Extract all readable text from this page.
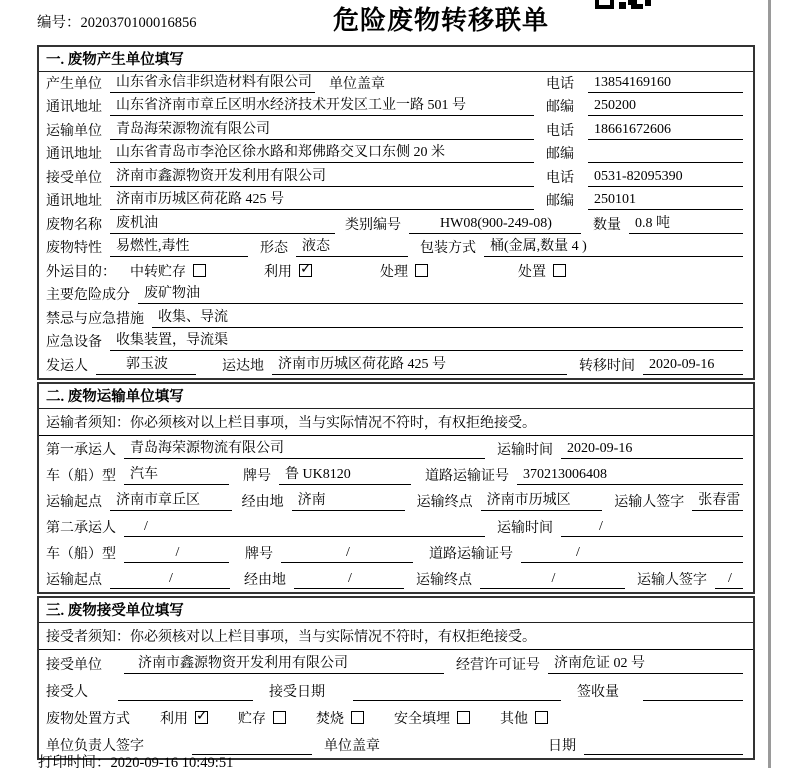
编号：2020370100016856	危险废物转移联单
一. 废物产生单位填写
产生单位	山东省永信非织造材料有限公司 单位盖章	电话	13854169160
通讯地址	山东省济南市章丘区明水经济技术开发区工业一路 501 号	邮编	250200
运输单位	青岛海荣源物流有限公司	电话	18661672606
通讯地址	山东省青岛市李沧区徐水路和郑佛路交叉口东侧 20 米	邮编
接受单位	济南市鑫源物资开发利用有限公司	电话	0531-82095390
通讯地址	济南市历城区荷花路 425 号	邮编	250101
废物名称	废机油	类别编号	HW08(900-249-08)	数量	0.8 吨
废物特性	易燃性,毒性	形态	液态	包装方式	桶(金属,数量 4 )
外运目的： 中转贮存	利用 ✓	处理	处置
主要危险成分	废矿物油
禁忌与应急措施	收集、导流
应急设备	收集装置，导流渠
发运人	郭玉波	运达地	济南市历城区荷花路 425 号	转移时间	2020-09-16
二. 废物运输单位填写
运输者须知：你必须核对以上栏目事项，当与实际情况不符时，有权拒绝接受。
第一承运人	青岛海荣源物流有限公司	运输时间	2020-09-16
车（船）型	汽车	牌号	鲁 UK8120	道路运输证号	370213006408
运输起点	济南市章丘区	经由地	济南	运输终点	济南市历城区	运输人签字	张春雷
第二承运人	/	运输时间	/
车（船）型	/	牌号	/	道路运输证号	/
运输起点	/	经由地	/	运输终点	/	运输人签字	/
三. 废物接受单位填写
接受者须知：你必须核对以上栏目事项，当与实际情况不符时，有权拒绝接受。
接受单位	济南市鑫源物资开发利用有限公司	经营许可证号	济南危证 02 号
接受人	接受日期	签收量
废物处置方式 利用 ✓	贮存	焚烧	安全填埋	其他
单位负责人签字	单位盖章	日期
打印时间：2020-09-16 10:49:51
